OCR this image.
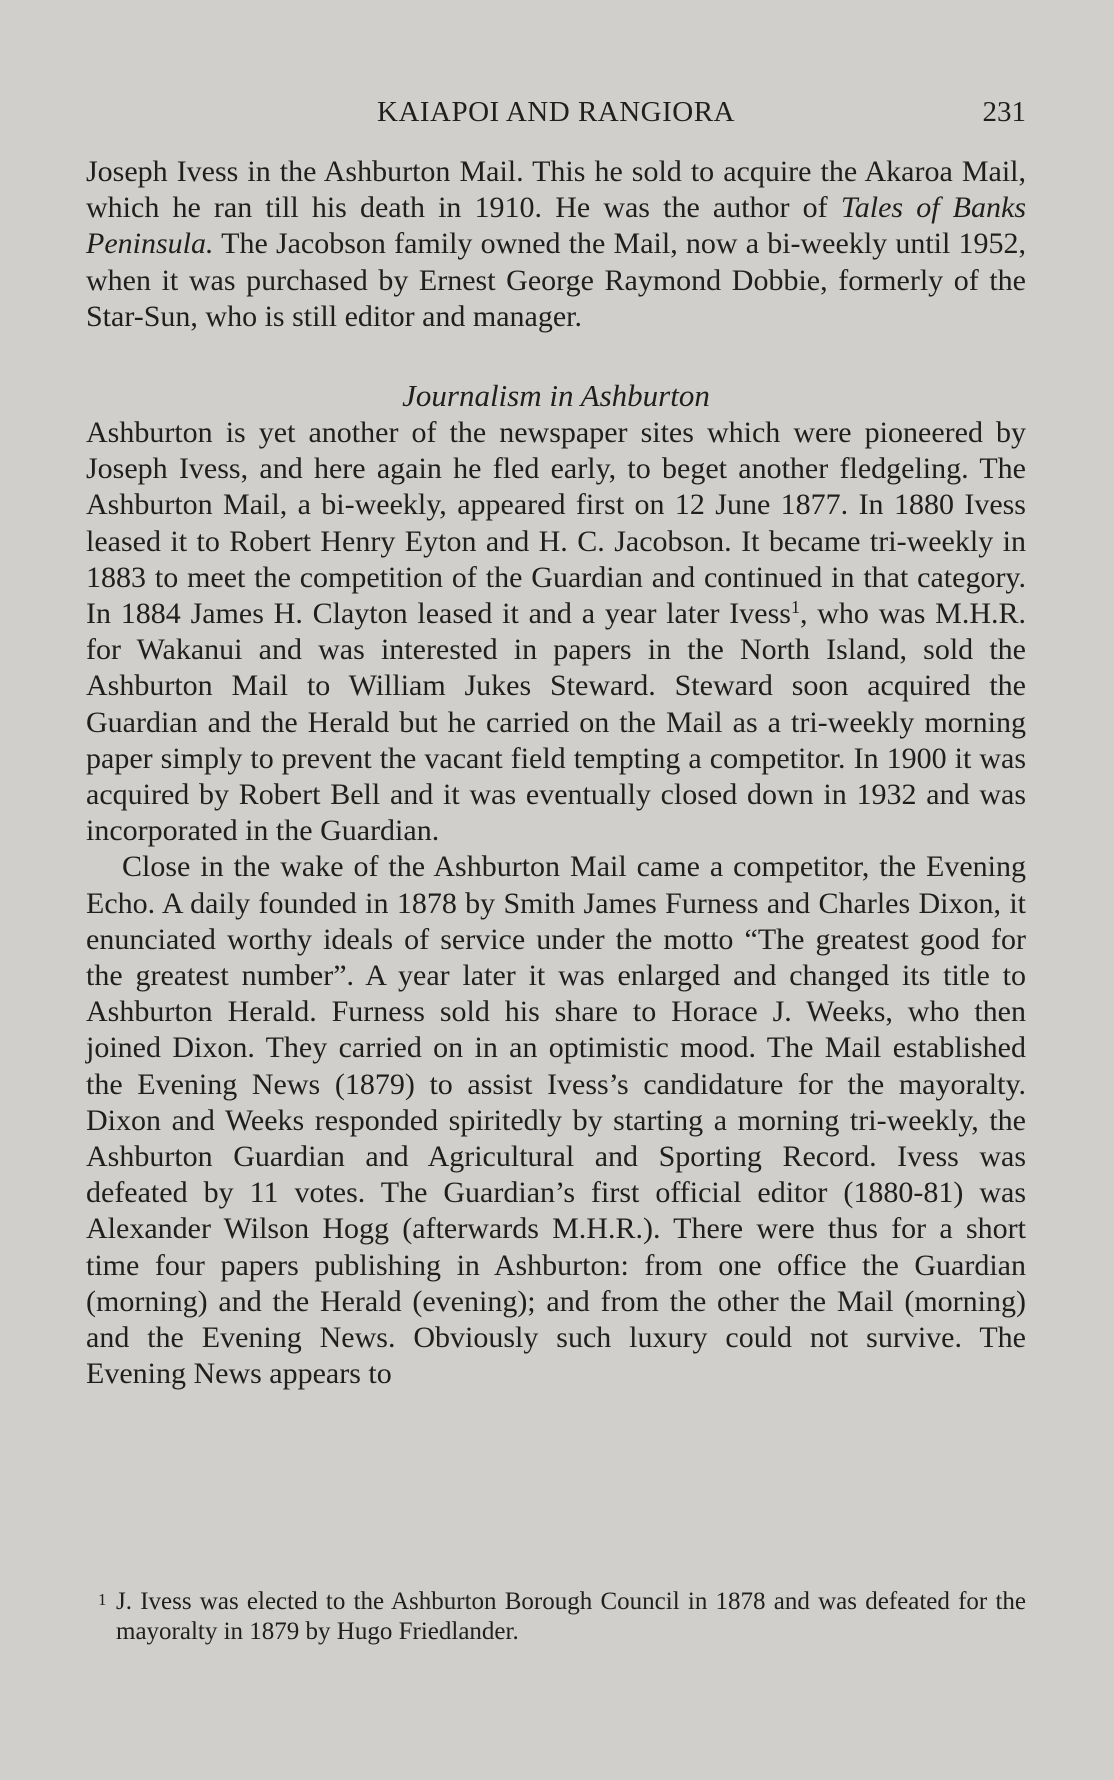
KAIAPOI AND RANGIORA	231

Joseph Ivess in the Ashburton Mail. This he sold to acquire the Akaroa Mail, which he ran till his death in 1910. He was the author of Tales of Banks Peninsula. The Jacobson family owned the Mail, now a bi-weekly until 1952, when it was purchased by Ernest George Raymond Dobbie, formerly of the Star-Sun, who is still editor and manager.

Journalism in Ashburton

Ashburton is yet another of the newspaper sites which were pioneered by Joseph Ivess, and here again he fled early, to beget another fledgeling. The Ashburton Mail, a bi-weekly, appeared first on 12 June 1877. In 1880 Ivess leased it to Robert Henry Eyton and H. C. Jacobson. It became tri-weekly in 1883 to meet the competition of the Guardian and continued in that category. In 1884 James H. Clayton leased it and a year later Ivess$^1$, who was M.H.R. for Wakanui and was interested in papers in the North Island, sold the Ashburton Mail to William Jukes Steward. Steward soon acquired the Guardian and the Herald but he carried on the Mail as a tri-weekly morning paper simply to prevent the vacant field tempting a competitor. In 1900 it was acquired by Robert Bell and it was eventually closed down in 1932 and was incorporated in the Guardian.

Close in the wake of the Ashburton Mail came a competitor, the Evening Echo. A daily founded in 1878 by Smith James Furness and Charles Dixon, it enunciated worthy ideals of service under the motto “The greatest good for the greatest number”. A year later it was enlarged and changed its title to Ashburton Herald. Furness sold his share to Horace J. Weeks, who then joined Dixon. They carried on in an optimistic mood. The Mail established the Evening News (1879) to assist Ivess’s candidature for the mayoralty. Dixon and Weeks responded spiritedly by starting a morning tri-weekly, the Ashburton Guardian and Agricultural and Sporting Record. Ivess was defeated by 11 votes. The Guardian’s first official editor (1880-81) was Alexander Wilson Hogg (afterwards M.H.R.). There were thus for a short time four papers publishing in Ashburton: from one office the Guardian (morning) and the Herald (evening); and from the other the Mail (morning) and the Evening News. Obviously such luxury could not survive. The Evening News appears to

1 J. Ivess was elected to the Ashburton Borough Council in 1878 and was defeated for the mayoralty in 1879 by Hugo Friedlander.
